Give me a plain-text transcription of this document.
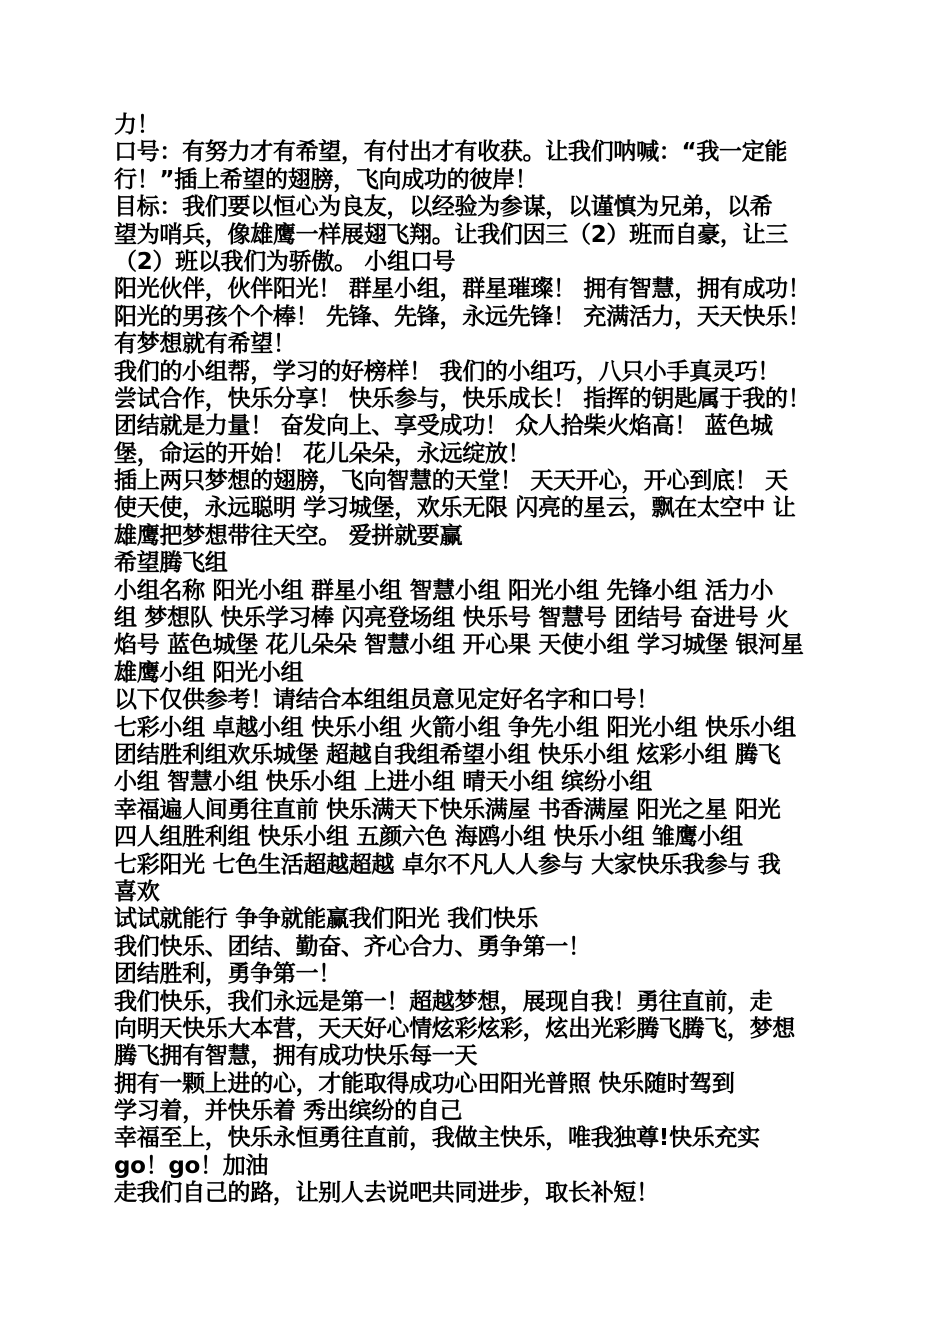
力！
口号：有努力才有希望，有付出才有收获。让我们呐喊：“我一定能
行！”插上希望的翅膀，飞向成功的彼岸！
目标：我们要以恒心为良友，以经验为参谋，以谨慎为兄弟，以希
望为哨兵，像雄鹰一样展翅飞翔。让我们因三（2）班而自豪，让三
（2）班以我们为骄傲。 小组口号
阳光伙伴，伙伴阳光！ 群星小组，群星璀璨！ 拥有智慧，拥有成功！
阳光的男孩个个棒！ 先锋、先锋，永远先锋！ 充满活力，天天快乐！
有梦想就有希望！
我们的小组帮，学习的好榜样！ 我们的小组巧，八只小手真灵巧！
尝试合作，快乐分享！ 快乐参与，快乐成长！ 指挥的钥匙属于我的！
团结就是力量！ 奋发向上、享受成功！ 众人拾柴火焰高！ 蓝色城
堡，命运的开始！ 花儿朵朵，永远绽放！
插上两只梦想的翅膀，飞向智慧的天堂！ 天天开心，开心到底！ 天
使天使，永远聪明 学习城堡，欢乐无限 闪亮的星云，飘在太空中 让
雄鹰把梦想带往天空。 爱拼就要赢
希望腾飞组
小组名称 阳光小组 群星小组 智慧小组 阳光小组 先锋小组 活力小
组 梦想队 快乐学习棒 闪亮登场组 快乐号 智慧号 团结号 奋进号 火
焰号 蓝色城堡 花儿朵朵 智慧小组 开心果 天使小组 学习城堡 银河星
雄鹰小组 阳光小组
以下仅供参考！请结合本组组员意见定好名字和口号！
七彩小组 卓越小组 快乐小组 火箭小组 争先小组 阳光小组 快乐小组
团结胜利组欢乐城堡 超越自我组希望小组 快乐小组 炫彩小组 腾飞
小组 智慧小组 快乐小组 上进小组 晴天小组 缤纷小组
幸福遍人间勇往直前 快乐满天下快乐满屋 书香满屋 阳光之星 阳光
四人组胜利组 快乐小组 五颜六色 海鸥小组 快乐小组 雏鹰小组
七彩阳光 七色生活超越超越 卓尔不凡人人参与 大家快乐我参与 我
喜欢
试试就能行 争争就能赢我们阳光 我们快乐
我们快乐、团结、勤奋、齐心合力、勇争第一！
团结胜利，勇争第一！
我们快乐，我们永远是第一！超越梦想，展现自我！勇往直前，走
向明天快乐大本营，天天好心情炫彩炫彩，炫出光彩腾飞腾飞，梦想
腾飞拥有智慧，拥有成功快乐每一天
拥有一颗上进的心，才能取得成功心田阳光普照 快乐随时驾到
学习着，并快乐着 秀出缤纷的自己
幸福至上，快乐永恒勇往直前，我做主快乐，唯我独尊!快乐充实
go！go！加油
走我们自己的路，让别人去说吧共同进步，取长补短！
